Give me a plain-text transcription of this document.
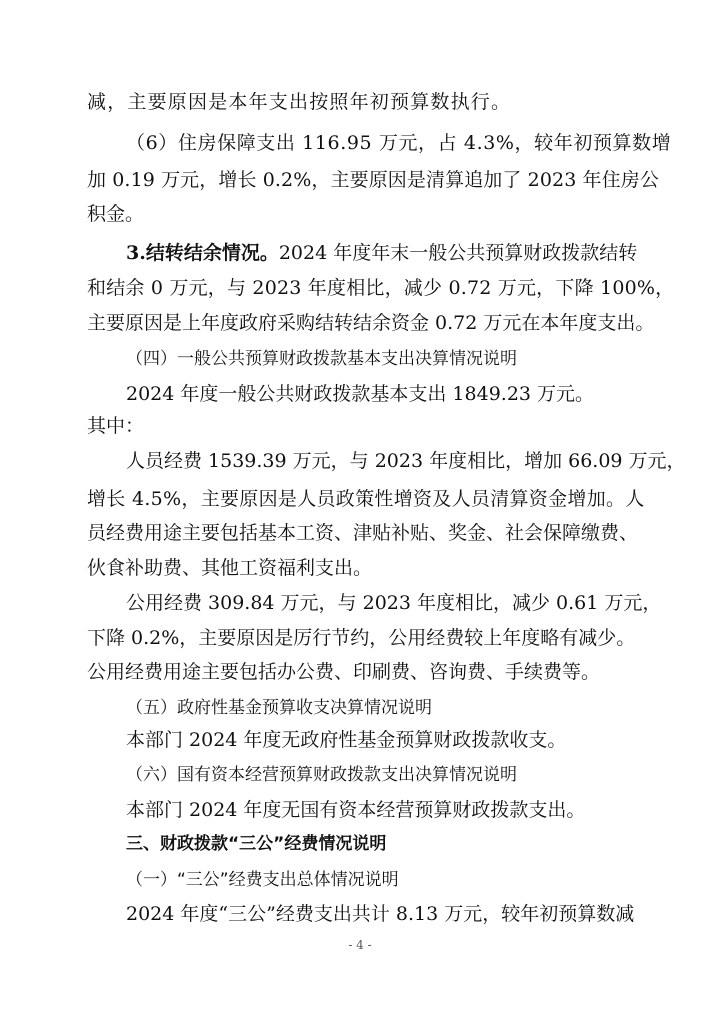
减，主要原因是本年支出按照年初预算数执行。
（6）住房保障支出 116.95 万元，占 4.3%，较年初预算数增
加 0.19 万元，增长 0.2%，主要原因是清算追加了 2023 年住房公
积金。
3.结转结余情况。2024 年度年末一般公共预算财政拨款结转
和结余 0 万元，与 2023 年度相比，减少 0.72 万元，下降 100%，
主要原因是上年度政府采购结转结余资金 0.72 万元在本年度支出。
（四）一般公共预算财政拨款基本支出决算情况说明
2024 年度一般公共财政拨款基本支出 1849.23 万元。
其中：
人员经费 1539.39 万元，与 2023 年度相比，增加 66.09 万元，
增长 4.5%，主要原因是人员政策性增资及人员清算资金增加。人
员经费用途主要包括基本工资、津贴补贴、奖金、社会保障缴费、
伙食补助费、其他工资福利支出。
公用经费 309.84 万元，与 2023 年度相比，减少 0.61 万元，
下降 0.2%，主要原因是厉行节约，公用经费较上年度略有减少。
公用经费用途主要包括办公费、印刷费、咨询费、手续费等。
（五）政府性基金预算收支决算情况说明
本部门 2024 年度无政府性基金预算财政拨款收支。
（六）国有资本经营预算财政拨款支出决算情况说明
本部门 2024 年度无国有资本经营预算财政拨款支出。
三、财政拨款“三公”经费情况说明
（一）“三公”经费支出总体情况说明
2024 年度“三公”经费支出共计 8.13 万元，较年初预算数减
- 4 -
